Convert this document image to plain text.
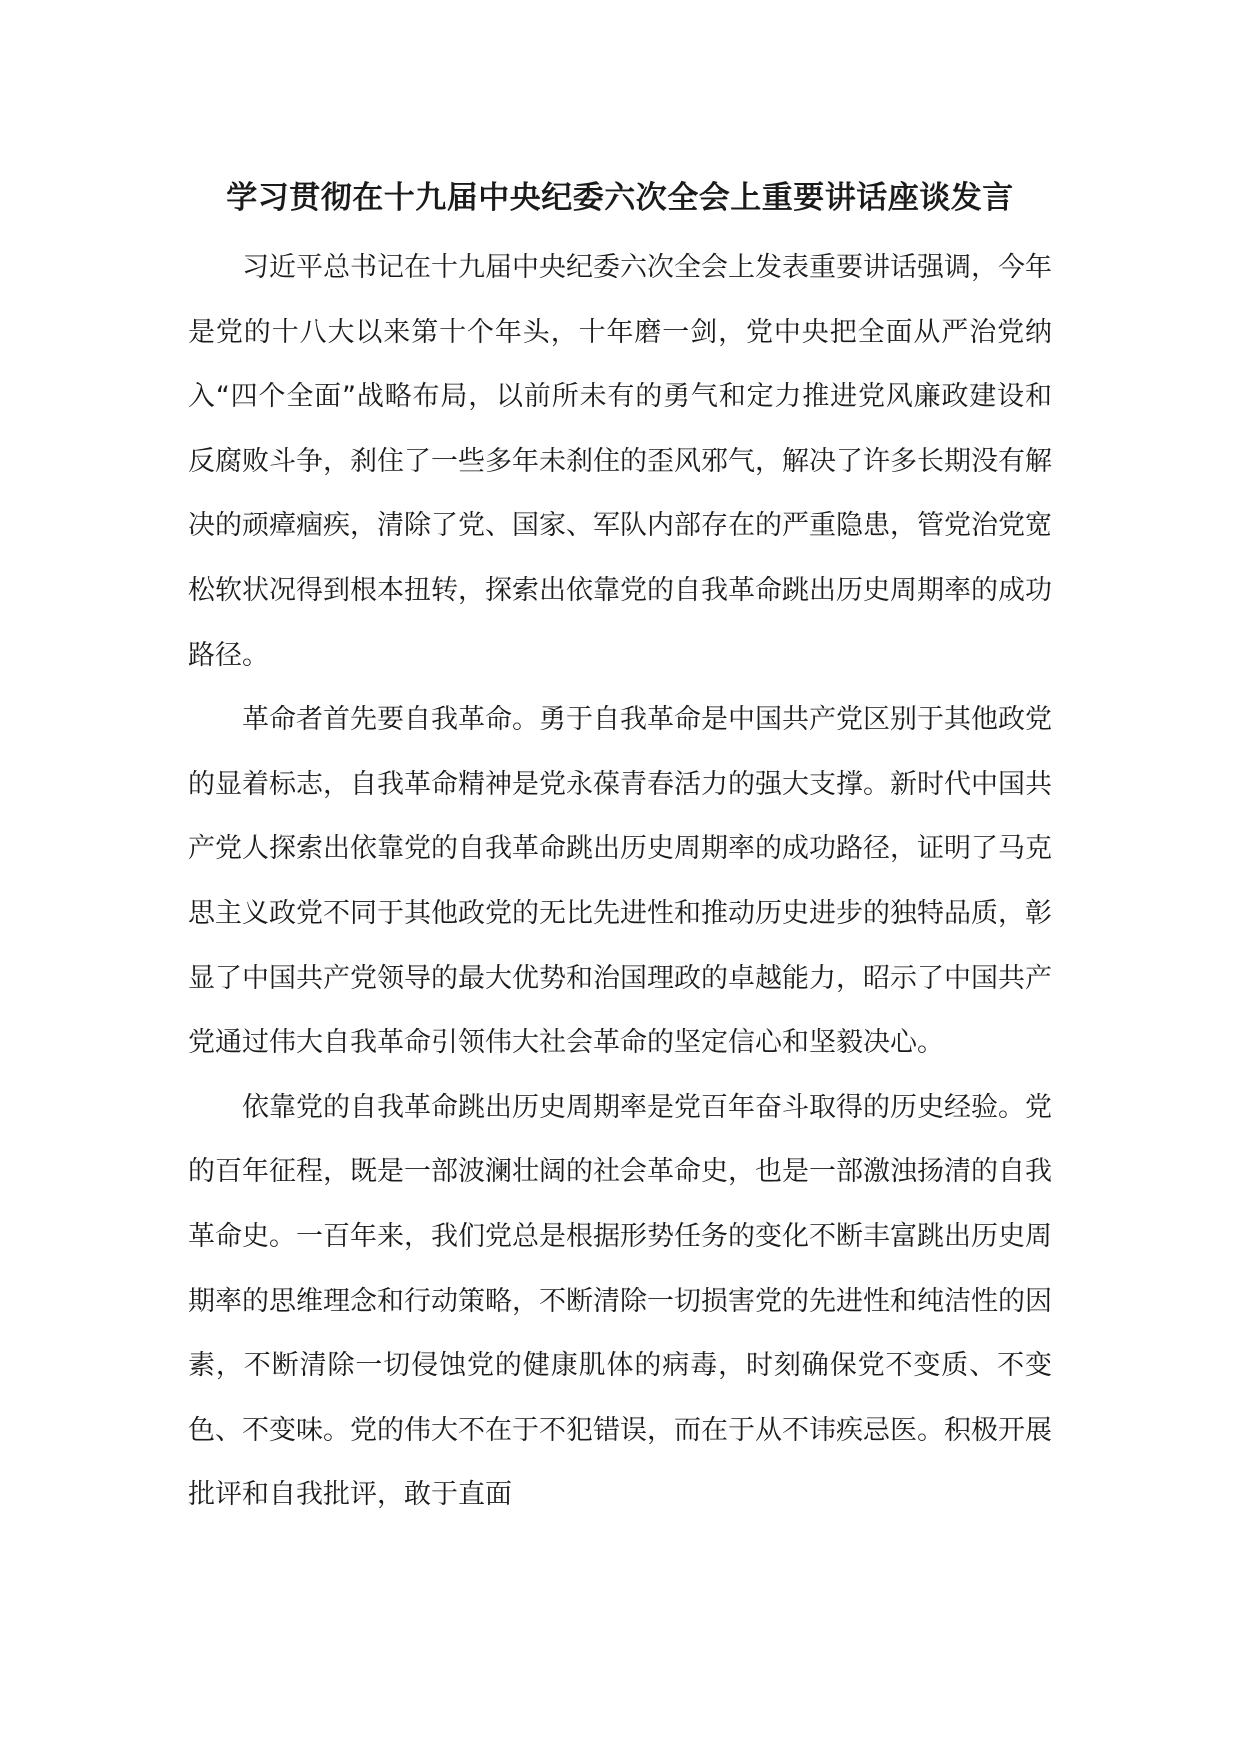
学习贯彻在十九届中央纪委六次全会上重要讲话座谈发言

习近平总书记在十九届中央纪委六次全会上发表重要讲话强调，今年是党的十八大以来第十个年头，十年磨一剑，党中央把全面从严治党纳入“四个全面”战略布局，以前所未有的勇气和定力推进党风廉政建设和反腐败斗争，刹住了一些多年未刹住的歪风邪气，解决了许多长期没有解决的顽瘴痼疾，清除了党、国家、军队内部存在的严重隐患，管党治党宽松软状况得到根本扭转，探索出依靠党的自我革命跳出历史周期率的成功路径。

革命者首先要自我革命。勇于自我革命是中国共产党区别于其他政党的显着标志，自我革命精神是党永葆青春活力的强大支撑。新时代中国共产党人探索出依靠党的自我革命跳出历史周期率的成功路径，证明了马克思主义政党不同于其他政党的无比先进性和推动历史进步的独特品质，彰显了中国共产党领导的最大优势和治国理政的卓越能力，昭示了中国共产党通过伟大自我革命引领伟大社会革命的坚定信心和坚毅决心。

依靠党的自我革命跳出历史周期率是党百年奋斗取得的历史经验。党的百年征程，既是一部波澜壮阔的社会革命史，也是一部激浊扬清的自我革命史。一百年来，我们党总是根据形势任务的变化不断丰富跳出历史周期率的思维理念和行动策略，不断清除一切损害党的先进性和纯洁性的因素，不断清除一切侵蚀党的健康肌体的病毒，时刻确保党不变质、不变色、不变味。党的伟大不在于不犯错误，而在于从不讳疾忌医。积极开展批评和自我批评，敢于直面
